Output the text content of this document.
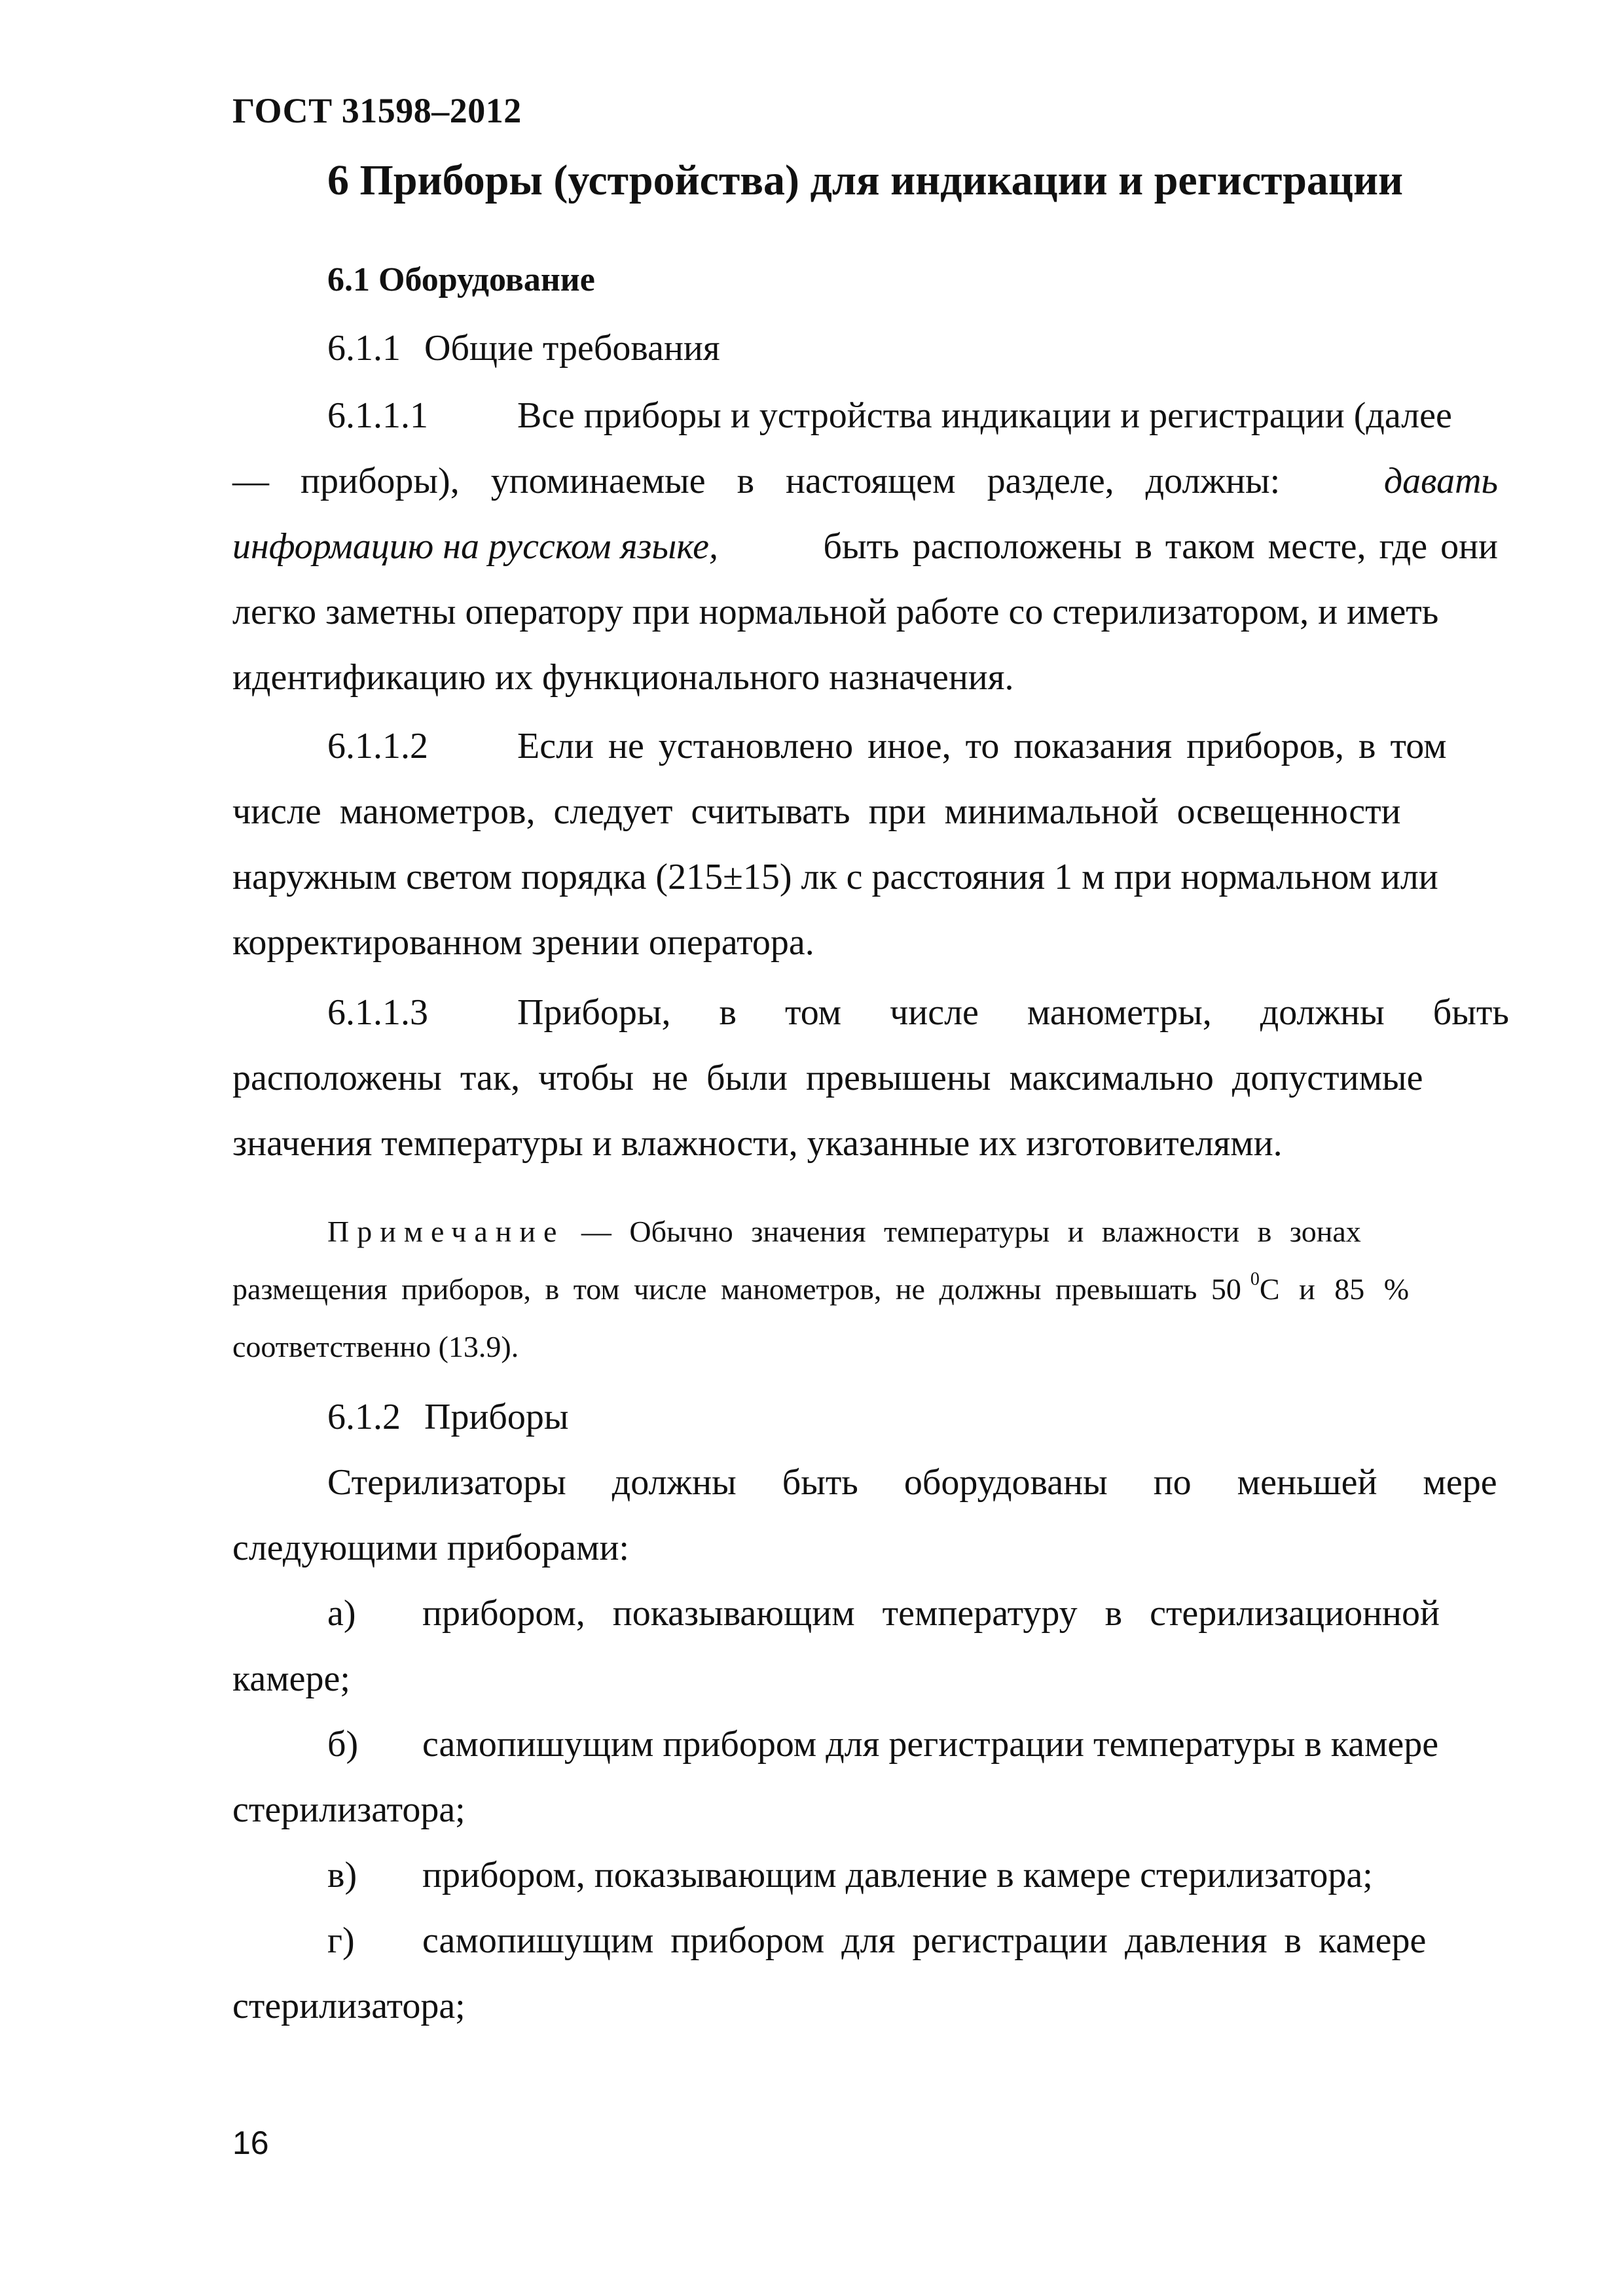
ГОСТ 31598–2012
6 Приборы (устройства) для индикации и регистрации
6.1 Оборудование
6.1.1 Общие требования
6.1.1.1 Все приборы и устройства индикации и регистрации (далее
— приборы), упоминаемые в настоящем разделе, должны:	давать
информацию на русском языке,	быть расположены в таком месте, где они
легко заметны оператору при нормальной работе со стерилизатором, и иметь
идентификацию их функционального назначения.
6.1.1.2 Если не установлено иное, то показания приборов, в том
числе манометров, следует считывать при минимальной освещенности
наружным светом порядка (215±15) лк с расстояния 1 м при нормальном или
корректированном зрении оператора.
6.1.1.3 Приборы, в том числе манометры, должны быть
расположены так, чтобы не были превышены максимально допустимые
значения температуры и влажности, указанные их изготовителями.
Примечание — Обычно значения температуры и влажности в зонах
размещения приборов, в том числе манометров, не должны превышать 50 $^0$С и 85 %
соответственно (13.9).
6.1.2 Приборы
Стерилизаторы должны быть оборудованы по меньшей мере
следующими приборами:
а) прибором, показывающим температуру в стерилизационной
камере;
б) самопишущим прибором для регистрации температуры в камере
стерилизатора;
в) прибором, показывающим давление в камере стерилизатора;
г) самопишущим прибором для регистрации давления в камере
стерилизатора;
16
